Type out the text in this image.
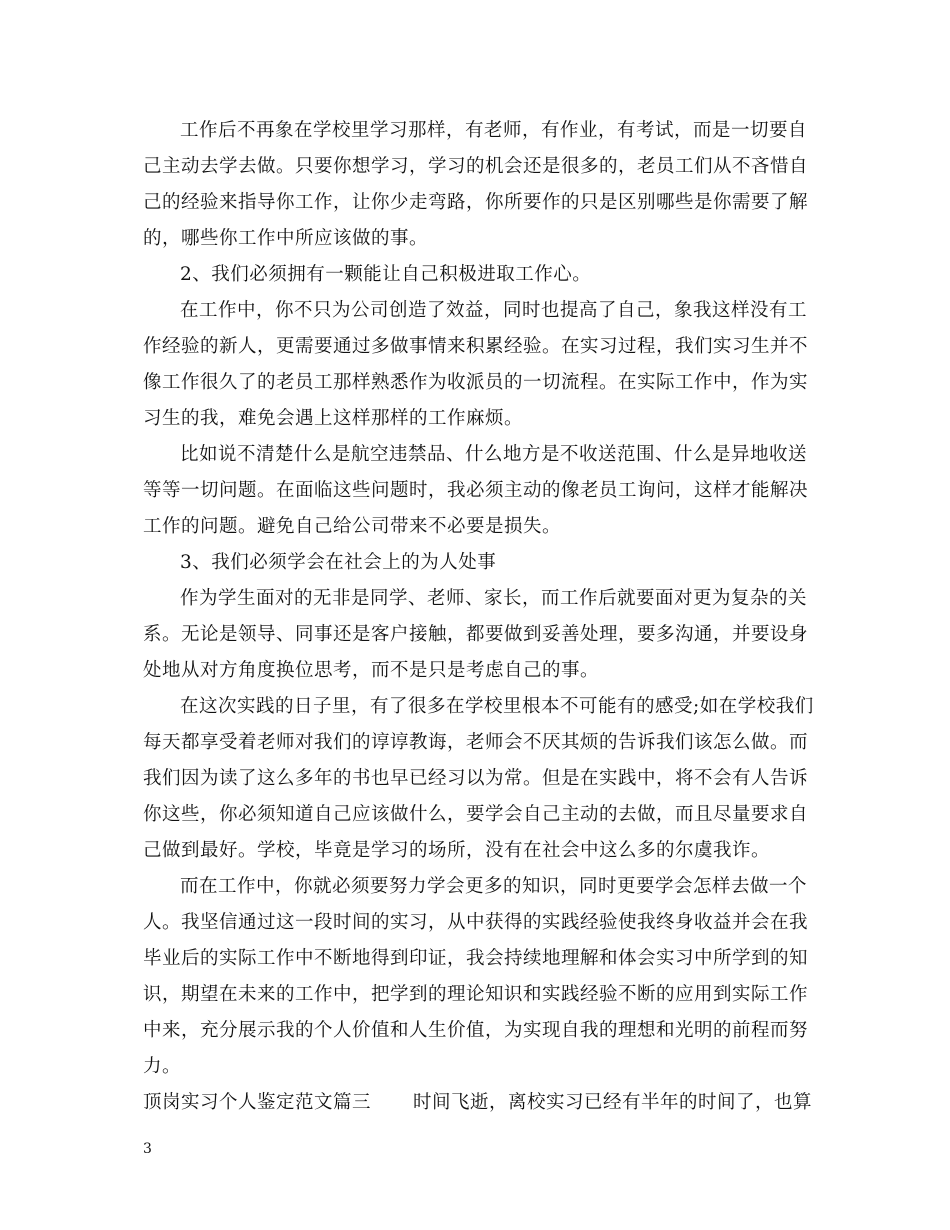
工作后不再象在学校里学习那样，有老师，有作业，有考试，而是一切要自
己主动去学去做。只要你想学习，学习的机会还是很多的，老员工们从不吝惜自
己的经验来指导你工作，让你少走弯路，你所要作的只是区别哪些是你需要了解
的，哪些你工作中所应该做的事。
2、我们必须拥有一颗能让自己积极进取工作心。
在工作中，你不只为公司创造了效益，同时也提高了自己，象我这样没有工
作经验的新人，更需要通过多做事情来积累经验。在实习过程，我们实习生并不
像工作很久了的老员工那样熟悉作为收派员的一切流程。在实际工作中，作为实
习生的我，难免会遇上这样那样的工作麻烦。
比如说不清楚什么是航空违禁品、什么地方是不收送范围、什么是异地收送
等等一切问题。在面临这些问题时，我必须主动的像老员工询问，这样才能解决
工作的问题。避免自己给公司带来不必要是损失。
3、我们必须学会在社会上的为人处事
作为学生面对的无非是同学、老师、家长，而工作后就要面对更为复杂的关
系。无论是领导、同事还是客户接触，都要做到妥善处理，要多沟通，并要设身
处地从对方角度换位思考，而不是只是考虑自己的事。
在这次实践的日子里，有了很多在学校里根本不可能有的感受;如在学校我们
每天都享受着老师对我们的谆谆教诲，老师会不厌其烦的告诉我们该怎么做。而
我们因为读了这么多年的书也早已经习以为常。但是在实践中，将不会有人告诉
你这些，你必须知道自己应该做什么，要学会自己主动的去做，而且尽量要求自
己做到最好。学校，毕竟是学习的场所，没有在社会中这么多的尔虞我诈。
而在工作中，你就必须要努力学会更多的知识，同时更要学会怎样去做一个
人。我坚信通过这一段时间的实习，从中获得的实践经验使我终身收益并会在我
毕业后的实际工作中不断地得到印证，我会持续地理解和体会实习中所学到的知
识，期望在未来的工作中，把学到的理论知识和实践经验不断的应用到实际工作
中来，充分展示我的个人价值和人生价值，为实现自我的理想和光明的前程而努
力。
顶岗实习个人鉴定范文篇三 时间飞逝，离校实习已经有半年的时间了，也算
3
